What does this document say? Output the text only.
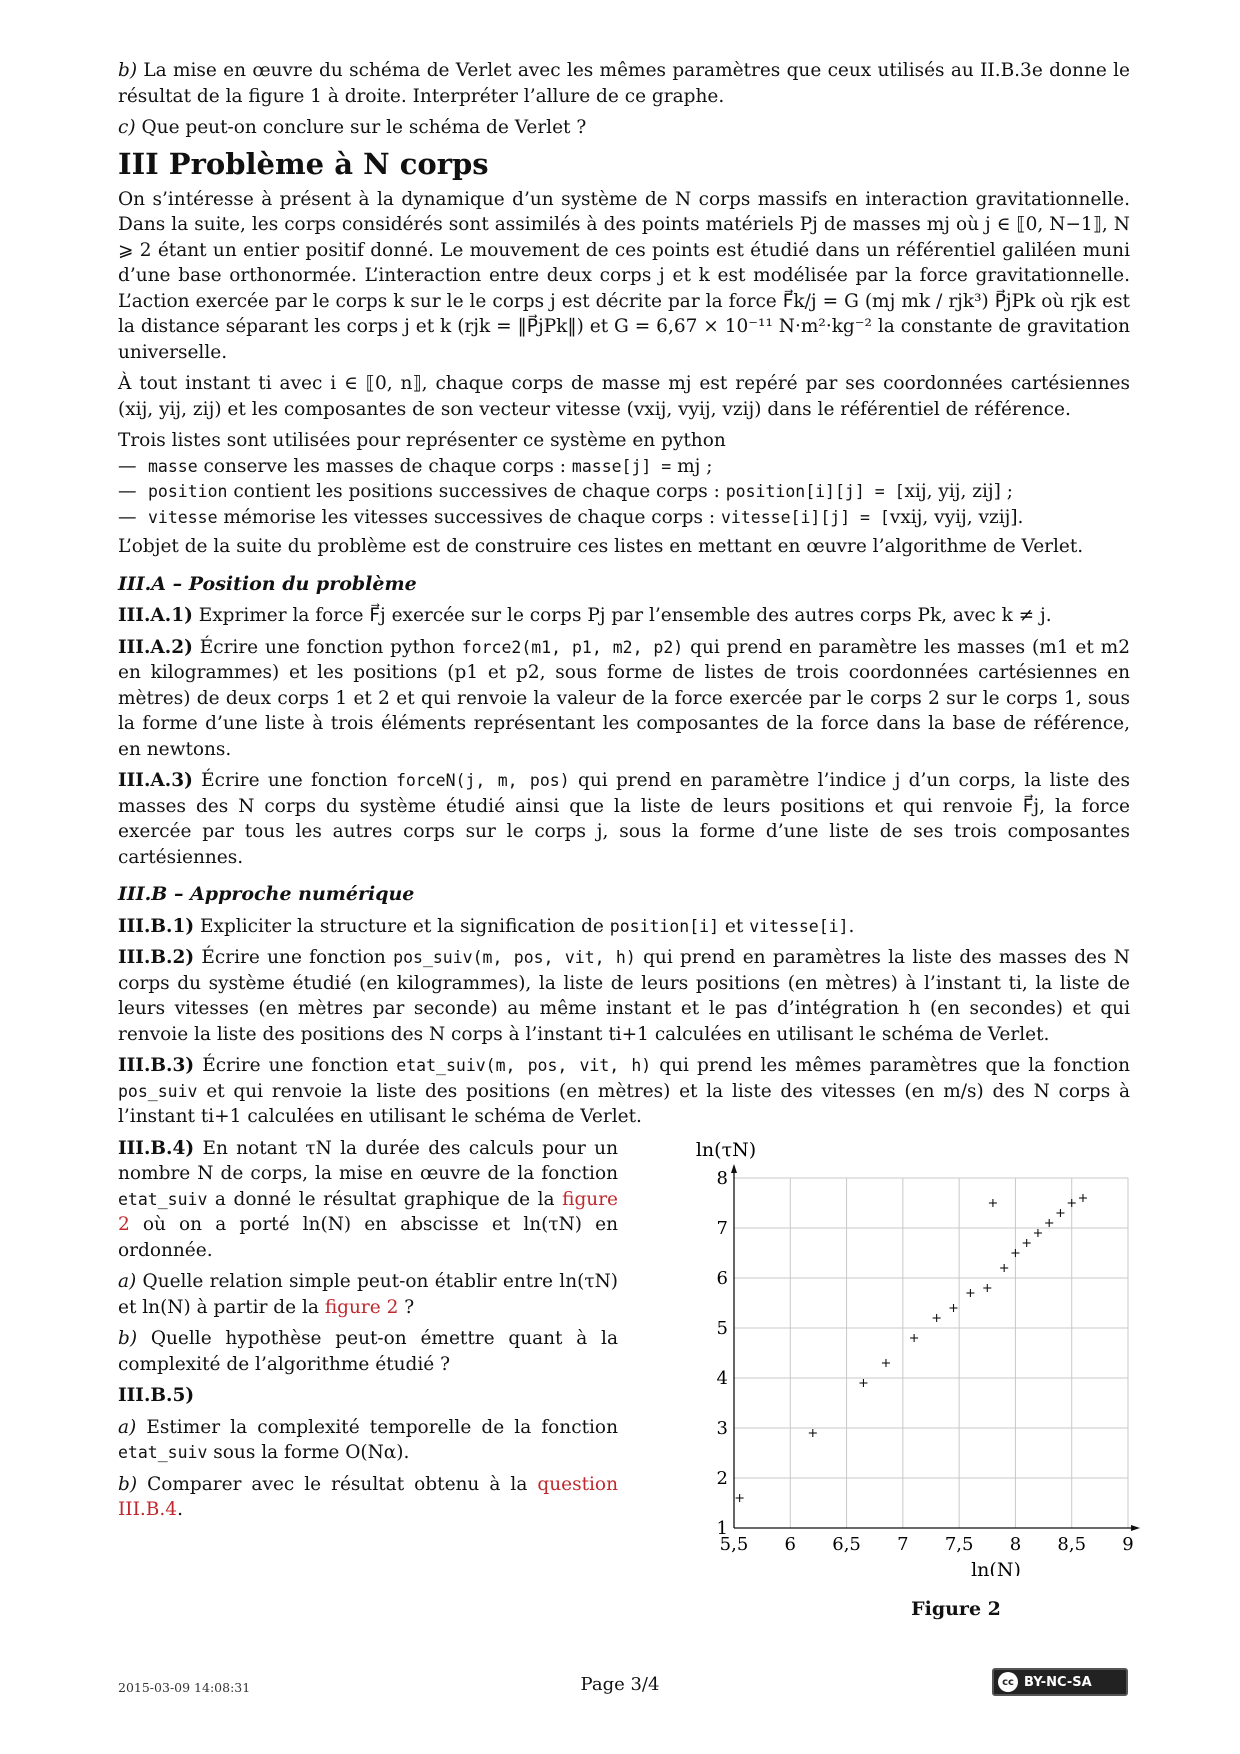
b) La mise en œuvre du schéma de Verlet avec les mêmes paramètres que ceux utilisés au II.B.3e donne le résultat de la figure 1 à droite. Interpréter l’allure de ce graphe.

c) Que peut-on conclure sur le schéma de Verlet ?

III Problème à N corps

On s’intéresse à présent à la dynamique d’un système de N corps massifs en interaction gravitationnelle. Dans la suite, les corps considérés sont assimilés à des points matériels Pj de masses mj où j ∈ ⟦0, N−1⟧, N ⩾ 2 étant un entier positif donné. Le mouvement de ces points est étudié dans un référentiel galiléen muni d’une base orthonormée. L’interaction entre deux corps j et k est modélisée par la force gravitationnelle. L’action exercée par le corps k sur le le corps j est décrite par la force F⃗k/j = G (mj mk / rjk³) P⃗jPk où rjk est la distance séparant les corps j et k (rjk = ‖P⃗jPk‖) et G = 6,67 × 10⁻¹¹ N·m²·kg⁻² la constante de gravitation universelle.

À tout instant ti avec i ∈ ⟦0, n⟧, chaque corps de masse mj est repéré par ses coordonnées cartésiennes (xij, yij, zij) et les composantes de son vecteur vitesse (vxij, vyij, vzij) dans le référentiel de référence.

Trois listes sont utilisées pour représenter ce système en python

— masse conserve les masses de chaque corps : masse[j] = mj ;
— position contient les positions successives de chaque corps : position[i][j] = [xij, yij, zij] ;
— vitesse mémorise les vitesses successives de chaque corps : vitesse[i][j] = [vxij, vyij, vzij].

L’objet de la suite du problème est de construire ces listes en mettant en œuvre l’algorithme de Verlet.

III.A – Position du problème

III.A.1) Exprimer la force F⃗j exercée sur le corps Pj par l’ensemble des autres corps Pk, avec k ≠ j.

III.A.2) Écrire une fonction python force2(m1, p1, m2, p2) qui prend en paramètre les masses (m1 et m2 en kilogrammes) et les positions (p1 et p2, sous forme de listes de trois coordonnées cartésiennes en mètres) de deux corps 1 et 2 et qui renvoie la valeur de la force exercée par le corps 2 sur le corps 1, sous la forme d’une liste à trois éléments représentant les composantes de la force dans la base de référence, en newtons.

III.A.3) Écrire une fonction forceN(j, m, pos) qui prend en paramètre l’indice j d’un corps, la liste des masses des N corps du système étudié ainsi que la liste de leurs positions et qui renvoie F⃗j, la force exercée par tous les autres corps sur le corps j, sous la forme d’une liste de ses trois composantes cartésiennes.

III.B – Approche numérique

III.B.1) Expliciter la structure et la signification de position[i] et vitesse[i].

III.B.2) Écrire une fonction pos_suiv(m, pos, vit, h) qui prend en paramètres la liste des masses des N corps du système étudié (en kilogrammes), la liste de leurs positions (en mètres) à l’instant ti, la liste de leurs vitesses (en mètres par seconde) au même instant et le pas d’intégration h (en secondes) et qui renvoie la liste des positions des N corps à l’instant ti+1 calculées en utilisant le schéma de Verlet.

III.B.3) Écrire une fonction etat_suiv(m, pos, vit, h) qui prend les mêmes paramètres que la fonction pos_suiv et qui renvoie la liste des positions (en mètres) et la liste des vitesses (en m/s) des N corps à l’instant ti+1 calculées en utilisant le schéma de Verlet.

III.B.4) En notant τN la durée des calculs pour un nombre N de corps, la mise en œuvre de la fonction etat_suiv a donné le résultat graphique de la figure 2 où on a porté ln(N) en abscisse et ln(τN) en ordonnée.

a) Quelle relation simple peut-on établir entre ln(τN) et ln(N) à partir de la figure 2 ?

b) Quelle hypothèse peut-on émettre quant à la complexité de l’algorithme étudié ?

III.B.5)

a) Estimer la complexité temporelle de la fonction etat_suiv sous la forme O(Nα).

b) Comparer avec le résultat obtenu à la question III.B.4.

5,5 6 6,5 7 7,5 8 8,5 9
1
2
3
4
5
6
7
8
ln(N)
ln(τN)
Figure 2
2015-03-09 14:08:31	Page 3/4	cc BY-NC-SA
